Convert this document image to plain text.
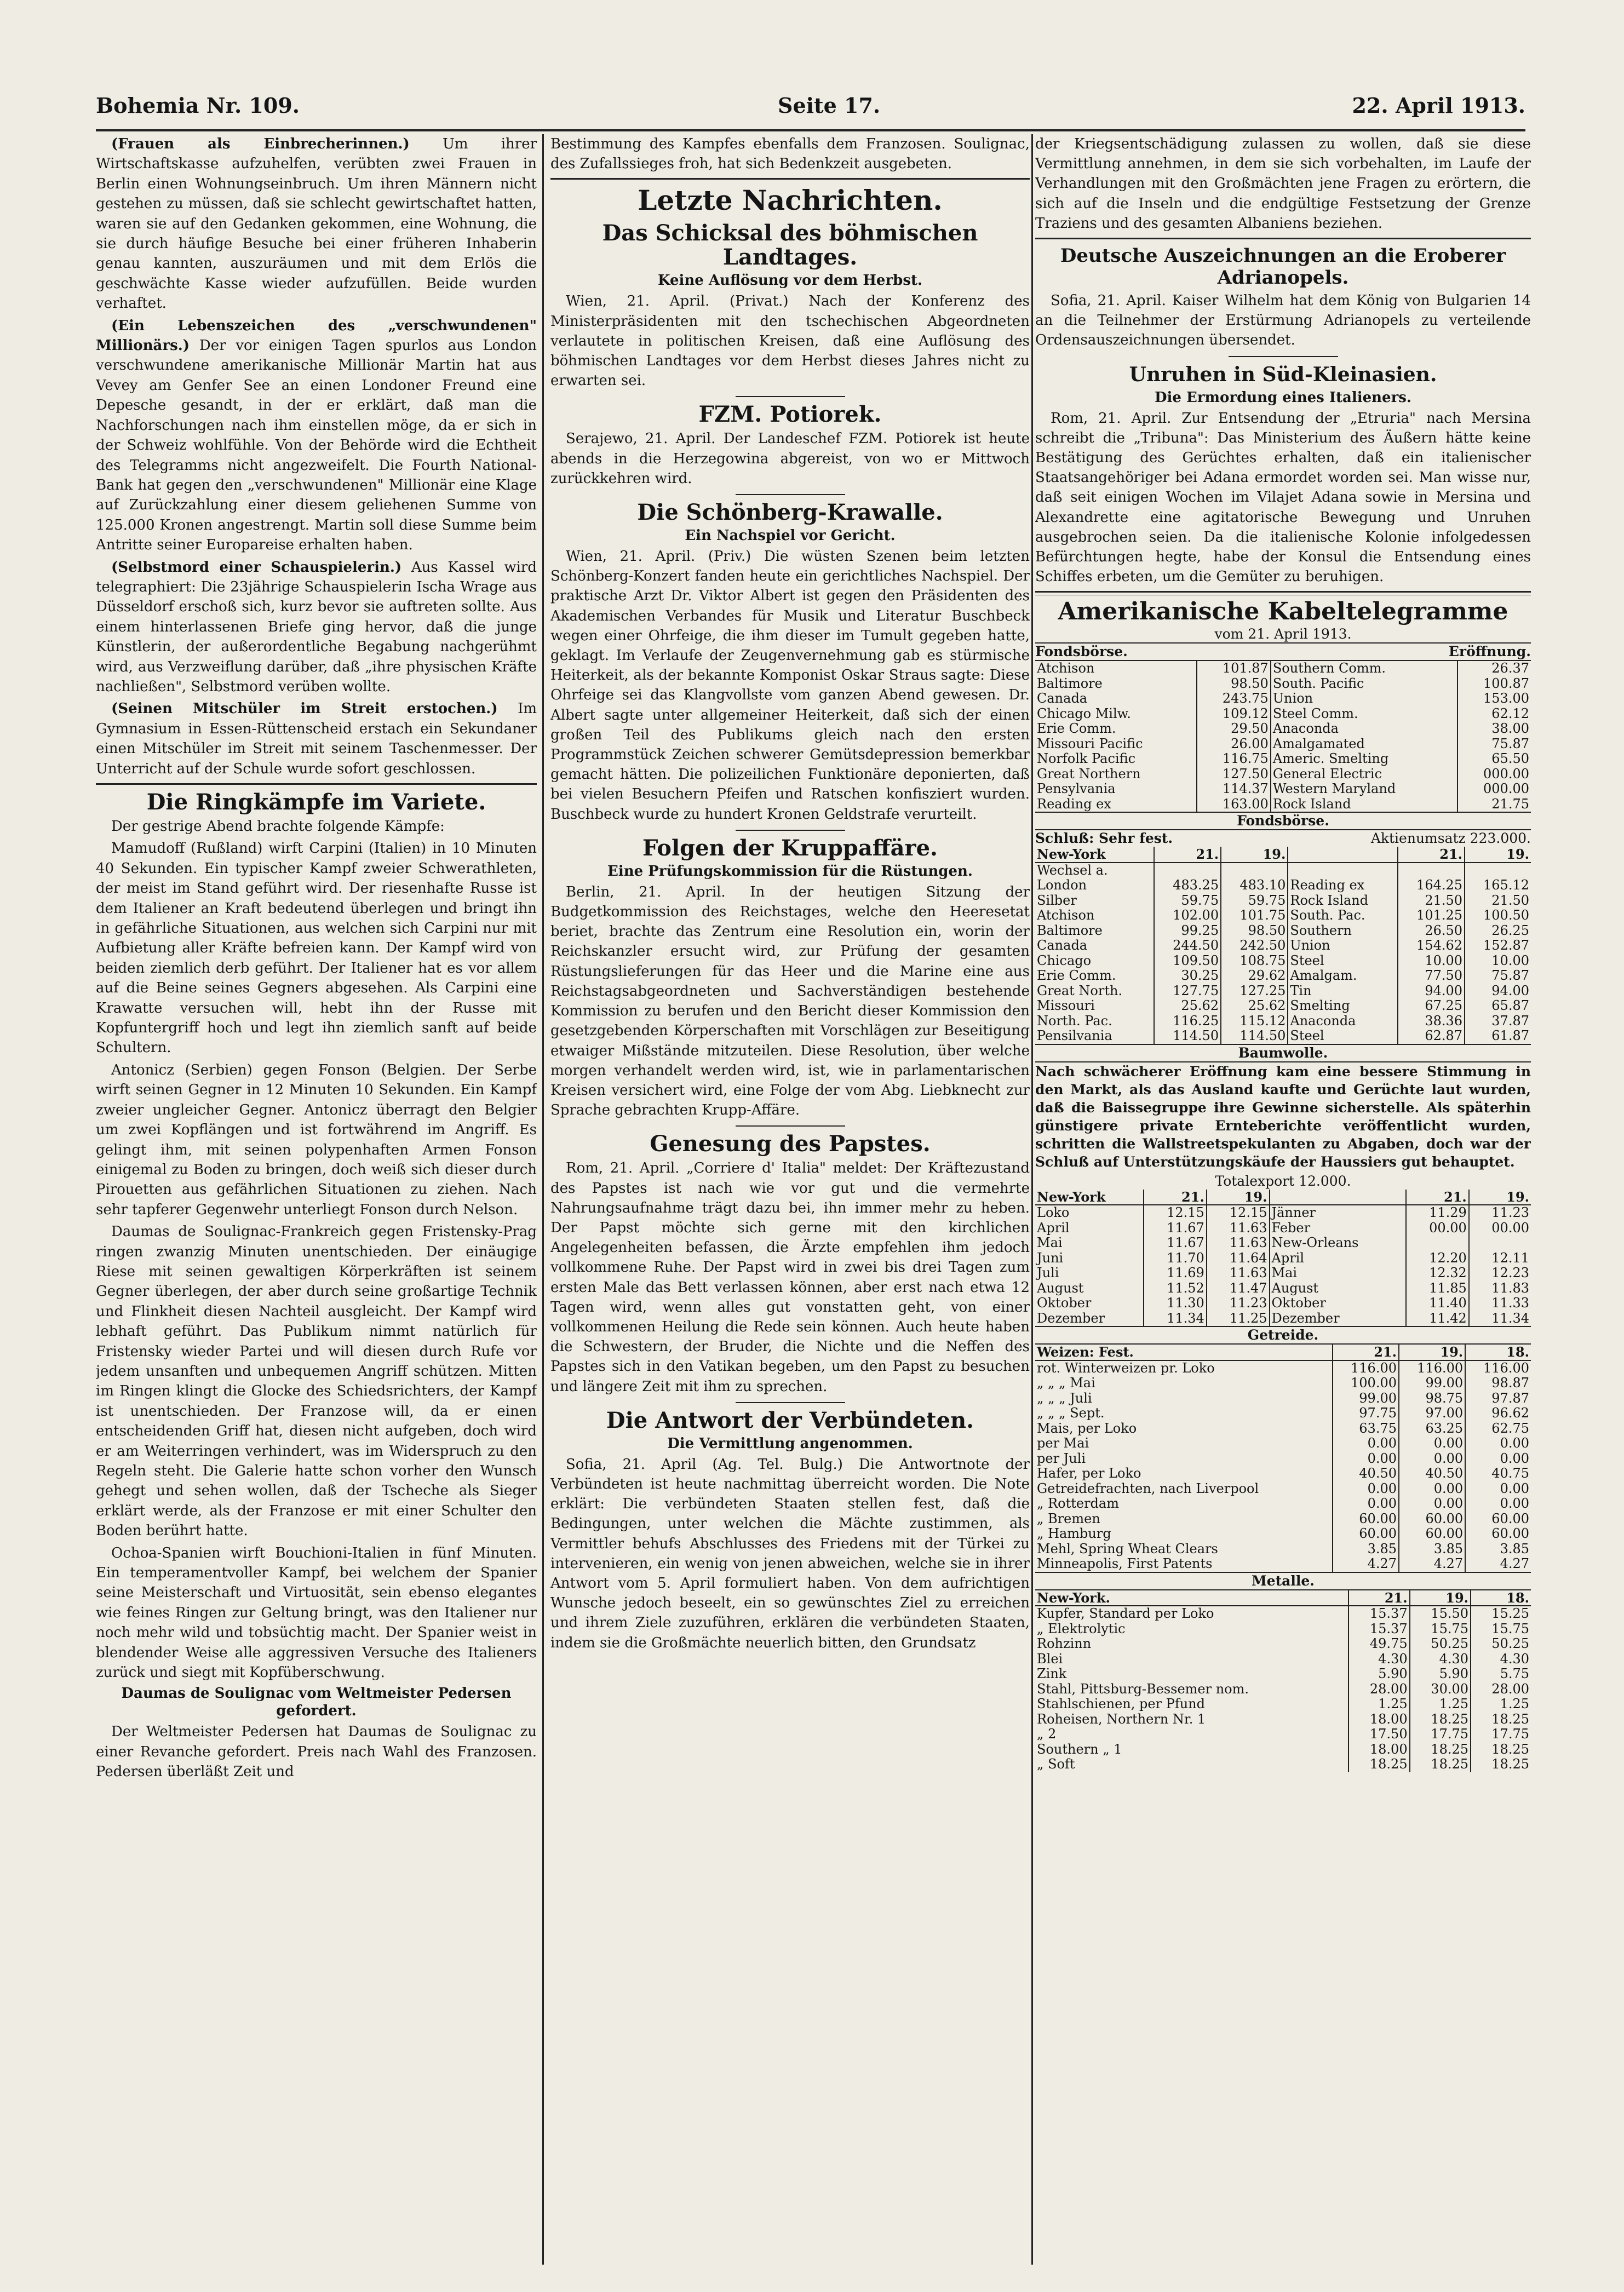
Bohemia Nr. 109.	Seite 17.	22. April 1913.

(Frauen als Einbrecherinnen.) Um ihrer Wirtschaftskasse aufzuhelfen, verübten zwei Frauen in Berlin einen Wohnungseinbruch. Um ihren Männern nicht gestehen zu müssen, daß sie schlecht gewirtschaftet hatten, waren sie auf den Gedanken gekommen, eine Wohnung, die sie durch häufige Besuche bei einer früheren Inhaberin genau kannten, auszuräumen und mit dem Erlös die geschwächte Kasse wieder aufzufüllen. Beide wurden verhaftet.

(Ein Lebenszeichen des „verschwundenen" Millionärs.) Der vor einigen Tagen spurlos aus London verschwundene amerikanische Millionär Martin hat aus Vevey am Genfer See an einen Londoner Freund eine Depesche gesandt, in der er erklärt, daß man die Nachforschungen nach ihm einstellen möge, da er sich in der Schweiz wohlfühle. Von der Behörde wird die Echtheit des Telegramms nicht angezweifelt. Die Fourth National-Bank hat gegen den „verschwundenen" Millionär eine Klage auf Zurückzahlung einer diesem geliehenen Summe von 125.000 Kronen angestrengt. Martin soll diese Summe beim Antritte seiner Europareise erhalten haben.

(Selbstmord einer Schauspielerin.) Aus Kassel wird telegraphiert: Die 23jährige Schauspielerin Ischa Wrage aus Düsseldorf erschoß sich, kurz bevor sie auftreten sollte. Aus einem hinterlassenen Briefe ging hervor, daß die junge Künstlerin, der außerordentliche Begabung nachgerühmt wird, aus Verzweiflung darüber, daß „ihre physischen Kräfte nachließen", Selbstmord verüben wollte.

(Seinen Mitschüler im Streit erstochen.) Im Gymnasium in Essen-Rüttenscheid erstach ein Sekundaner einen Mitschüler im Streit mit seinem Taschenmesser. Der Unterricht auf der Schule wurde sofort geschlossen.

Die Ringkämpfe im Variete.

Der gestrige Abend brachte folgende Kämpfe:

Mamudoff (Rußland) wirft Carpini (Italien) in 10 Minuten 40 Sekunden. Ein typischer Kampf zweier Schwerathleten, der meist im Stand geführt wird. Der riesenhafte Russe ist dem Italiener an Kraft bedeutend überlegen und bringt ihn in gefährliche Situationen, aus welchen sich Carpini nur mit Aufbietung aller Kräfte befreien kann. Der Kampf wird von beiden ziemlich derb geführt. Der Italiener hat es vor allem auf die Beine seines Gegners abgesehen. Als Carpini eine Krawatte versuchen will, hebt ihn der Russe mit Kopfuntergriff hoch und legt ihn ziemlich sanft auf beide Schultern.

Antonicz (Serbien) gegen Fonson (Belgien. Der Serbe wirft seinen Gegner in 12 Minuten 10 Sekunden. Ein Kampf zweier ungleicher Gegner. Antonicz überragt den Belgier um zwei Kopflängen und ist fortwährend im Angriff. Es gelingt ihm, mit seinen polypenhaften Armen Fonson einigemal zu Boden zu bringen, doch weiß sich dieser durch Pirouetten aus gefährlichen Situationen zu ziehen. Nach sehr tapferer Gegenwehr unterliegt Fonson durch Nelson.

Daumas de Soulignac-Frankreich gegen Fristensky-Prag ringen zwanzig Minuten unentschieden. Der einäugige Riese mit seinen gewaltigen Körperkräften ist seinem Gegner überlegen, der aber durch seine großartige Technik und Flinkheit diesen Nachteil ausgleicht. Der Kampf wird lebhaft geführt. Das Publikum nimmt natürlich für Fristensky wieder Partei und will diesen durch Rufe vor jedem unsanften und unbequemen Angriff schützen. Mitten im Ringen klingt die Glocke des Schiedsrichters, der Kampf ist unentschieden. Der Franzose will, da er einen entscheidenden Griff hat, diesen nicht aufgeben, doch wird er am Weiterringen verhindert, was im Widerspruch zu den Regeln steht. Die Galerie hatte schon vorher den Wunsch gehegt und sehen wollen, daß der Tscheche als Sieger erklärt werde, als der Franzose er mit einer Schulter den Boden berührt hatte.

Ochoa-Spanien wirft Bouchioni-Italien in fünf Minuten. Ein temperamentvoller Kampf, bei welchem der Spanier seine Meisterschaft und Virtuosität, sein ebenso elegantes wie feines Ringen zur Geltung bringt, was den Italiener nur noch mehr wild und tobsüchtig macht. Der Spanier weist in blendender Weise alle aggressiven Versuche des Italieners zurück und siegt mit Kopfüberschwung.

Daumas de Soulignac vom Weltmeister Pedersen gefordert.

Der Weltmeister Pedersen hat Daumas de Soulignac zu einer Revanche gefordert. Preis nach Wahl des Franzosen. Pedersen überläßt Zeit und

Bestimmung des Kampfes ebenfalls dem Franzosen. Soulignac, des Zufallssieges froh, hat sich Bedenkzeit ausgebeten.

Letzte Nachrichten.
Das Schicksal des böhmischen Landtages.
Keine Auflösung vor dem Herbst.

Wien, 21. April. (Privat.) Nach der Konferenz des Ministerpräsidenten mit den tschechischen Abgeordneten verlautete in politischen Kreisen, daß eine Auflösung des böhmischen Landtages vor dem Herbst dieses Jahres nicht zu erwarten sei.

FZM. Potiorek.

Serajewo, 21. April. Der Landeschef FZM. Potiorek ist heute abends in die Herzegowina abgereist, von wo er Mittwoch zurückkehren wird.

Die Schönberg-Krawalle.
Ein Nachspiel vor Gericht.

Wien, 21. April. (Priv.) Die wüsten Szenen beim letzten Schönberg-Konzert fanden heute ein gerichtliches Nachspiel. Der praktische Arzt Dr. Viktor Albert ist gegen den Präsidenten des Akademischen Verbandes für Musik und Literatur Buschbeck wegen einer Ohrfeige, die ihm dieser im Tumult gegeben hatte, geklagt. Im Verlaufe der Zeugenvernehmung gab es stürmische Heiterkeit, als der bekannte Komponist Oskar Straus sagte: Diese Ohrfeige sei das Klangvollste vom ganzen Abend gewesen. Dr. Albert sagte unter allgemeiner Heiterkeit, daß sich der einen großen Teil des Publikums gleich nach den ersten Programmstück Zeichen schwerer Gemütsdepression bemerkbar gemacht hätten. Die polizeilichen Funktionäre deponierten, daß bei vielen Besuchern Pfeifen und Ratschen konfisziert wurden. Buschbeck wurde zu hundert Kronen Geldstrafe verurteilt.

Folgen der Kruppaffäre.
Eine Prüfungskommission für die Rüstungen.

Berlin, 21. April. In der heutigen Sitzung der Budgetkommission des Reichstages, welche den Heeresetat beriet, brachte das Zentrum eine Resolution ein, worin der Reichskanzler ersucht wird, zur Prüfung der gesamten Rüstungslieferungen für das Heer und die Marine eine aus Reichstagsabgeordneten und Sachverständigen bestehende Kommission zu berufen und den Bericht dieser Kommission den gesetzgebenden Körperschaften mit Vorschlägen zur Beseitigung etwaiger Mißstände mitzuteilen. Diese Resolution, über welche morgen verhandelt werden wird, ist, wie in parlamentarischen Kreisen versichert wird, eine Folge der vom Abg. Liebknecht zur Sprache gebrachten Krupp-Affäre.

Genesung des Papstes.

Rom, 21. April. „Corriere d' Italia" meldet: Der Kräftezustand des Papstes ist nach wie vor gut und die vermehrte Nahrungsaufnahme trägt dazu bei, ihn immer mehr zu heben. Der Papst möchte sich gerne mit den kirchlichen Angelegenheiten befassen, die Ärzte empfehlen ihm jedoch vollkommene Ruhe. Der Papst wird in zwei bis drei Tagen zum ersten Male das Bett verlassen können, aber erst nach etwa 12 Tagen wird, wenn alles gut vonstatten geht, von einer vollkommenen Heilung die Rede sein können. Auch heute haben die Schwestern, der Bruder, die Nichte und die Neffen des Papstes sich in den Vatikan begeben, um den Papst zu besuchen und längere Zeit mit ihm zu sprechen.

Die Antwort der Verbündeten.
Die Vermittlung angenommen.

Sofia, 21. April (Ag. Tel. Bulg.) Die Antwortnote der Verbündeten ist heute nachmittag überreicht worden. Die Note erklärt: Die verbündeten Staaten stellen fest, daß die Bedingungen, unter welchen die Mächte zustimmen, als Vermittler behufs Abschlusses des Friedens mit der Türkei zu intervenieren, ein wenig von jenen abweichen, welche sie in ihrer Antwort vom 5. April formuliert haben. Von dem aufrichtigen Wunsche jedoch beseelt, ein so gewünschtes Ziel zu erreichen und ihrem Ziele zuzuführen, erklären die verbündeten Staaten, indem sie die Großmächte neuerlich bitten, den Grundsatz

der Kriegsentschädigung zulassen zu wollen, daß sie diese Vermittlung annehmen, in dem sie sich vorbehalten, im Laufe der Verhandlungen mit den Großmächten jene Fragen zu erörtern, die sich auf die Inseln und die endgültige Festsetzung der Grenze Traziens und des gesamten Albaniens beziehen.

Deutsche Auszeichnungen an die Eroberer Adrianopels.

Sofia, 21. April. Kaiser Wilhelm hat dem König von Bulgarien 14 an die Teilnehmer der Erstürmung Adrianopels zu verteilende Ordensauszeichnungen übersendet.

Unruhen in Süd-Kleinasien.
Die Ermordung eines Italieners.

Rom, 21. April. Zur Entsendung der „Etruria" nach Mersina schreibt die „Tribuna": Das Ministerium des Äußern hätte keine Bestätigung des Gerüchtes erhalten, daß ein italienischer Staatsangehöriger bei Adana ermordet worden sei. Man wisse nur, daß seit einigen Wochen im Vilajet Adana sowie in Mersina und Alexandrette eine agitatorische Bewegung und Unruhen ausgebrochen seien. Da die italienische Kolonie infolgedessen Befürchtungen hegte, habe der Konsul die Entsendung eines Schiffes erbeten, um die Gemüter zu beruhigen.

Amerikanische Kabeltelegramme
vom 21. April 1913.
Fondsbörse.	Eröffnung.
Atchison	101.87	Southern Comm.	26.37
Baltimore	98.50	South. Pacific	100.87
Canada	243.75	Union	153.00
Chicago Milw.	109.12	Steel Comm.	62.12
Erie Comm.	29.50	Anaconda	38.00
Missouri Pacific	26.00	Amalgamated	75.87
Norfolk Pacific	116.75	Americ. Smelting	65.50
Great Northern	127.50	General Electric	000.00
Pensylvania	114.37	Western Maryland	000.00
Reading ex	163.00	Rock Island	21.75
Fondsbörse.
Schluß: Sehr fest.	Aktienumsatz 223.000.
New-York	21.	19.		21.	19.
Wechsel a.					
London	483.25	483.10	Reading ex	164.25	165.12
Silber	59.75	59.75	Rock Island	21.50	21.50
Atchison	102.00	101.75	South. Pac.	101.25	100.50
Baltimore	99.25	98.50	Southern	26.50	26.25
Canada	244.50	242.50	Union	154.62	152.87
Chicago	109.50	108.75	Steel	10.00	10.00
Erie Comm.	30.25	29.62	Amalgam.	77.50	75.87
Great North.	127.75	127.25	Tin	94.00	94.00
Missouri	25.62	25.62	Smelting	67.25	65.87
North. Pac.	116.25	115.12	Anaconda	38.36	37.87
Pensilvania	114.50	114.50	Steel	62.87	61.87
Baumwolle.

Nach schwächerer Eröffnung kam eine bessere Stimmung in den Markt, als das Ausland kaufte und Gerüchte laut wurden, daß die Baissegruppe ihre Gewinne sicherstelle. Als späterhin günstigere private Ernteberichte veröffentlicht wurden, schritten die Wallstreetspekulanten zu Abgaben, doch war der Schluß auf Unterstützungskäufe der Haussiers gut behauptet.

Totalexport 12.000.
New-York	21.	19.		21.	19.
Loko	12.15	12.15	Jänner	11.29	11.23
April	11.67	11.63	Feber	00.00	00.00
Mai	11.67	11.63	New-Orleans		
Juni	11.70	11.64	April	12.20	12.11
Juli	11.69	11.63	Mai	12.32	12.23
August	11.52	11.47	August	11.85	11.83
Oktober	11.30	11.23	Oktober	11.40	11.33
Dezember	11.34	11.25	Dezember	11.42	11.34
Getreide.
Weizen: Fest.	21.	19.	18.
rot. Winterweizen pr. Loko	116.00	116.00	116.00
„ „ „ Mai	100.00	99.00	98.87
„ „ „ Juli	99.00	98.75	97.87
„ „ „ Sept.	97.75	97.00	96.62
Mais, per Loko	63.75	63.25	62.75
per Mai	0.00	0.00	0.00
per Juli	0.00	0.00	0.00
Hafer, per Loko	40.50	40.50	40.75
Getreidefrachten, nach Liverpool	0.00	0.00	0.00
„ Rotterdam	0.00	0.00	0.00
„ Bremen	60.00	60.00	60.00
„ Hamburg	60.00	60.00	60.00
Mehl, Spring Wheat Clears	3.85	3.85	3.85
Minneapolis, First Patents	4.27	4.27	4.27
Metalle.
New-York.	21.	19.	18.
Kupfer, Standard per Loko	15.37	15.50	15.25
„ Elektrolytic	15.37	15.75	15.75
Rohzinn	49.75	50.25	50.25
Blei	4.30	4.30	4.30
Zink	5.90	5.90	5.75
Stahl, Pittsburg-Bessemer nom.	28.00	30.00	28.00
Stahlschienen, per Pfund	1.25	1.25	1.25
Roheisen, Northern Nr. 1	18.00	18.25	18.25
„ 2	17.50	17.75	17.75
Southern „ 1	18.00	18.25	18.25
„ Soft	18.25	18.25	18.25
